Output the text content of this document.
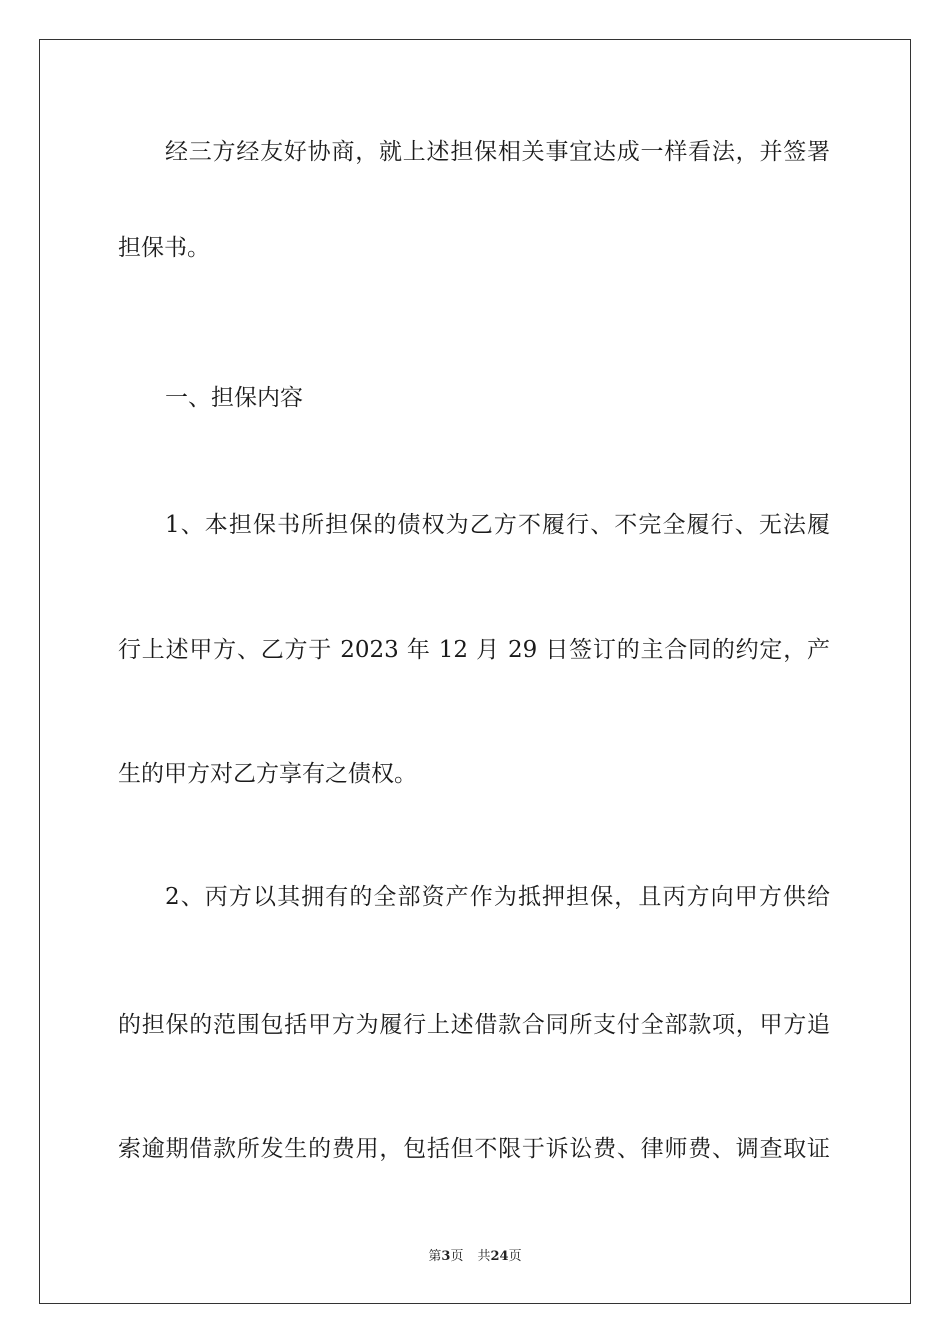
经三方经友好协商，就上述担保相关事宜达成一样看法，并签署
担保书。
一、担保内容
1、本担保书所担保的债权为乙方不履行、不完全履行、无法履
行上述甲方、乙方于 2023 年 12 月 29 日签订的主合同的约定，产
生的甲方对乙方享有之债权。
2、丙方以其拥有的全部资产作为抵押担保，且丙方向甲方供给
的担保的范围包括甲方为履行上述借款合同所支付全部款项，甲方追
索逾期借款所发生的费用，包括但不限于诉讼费、律师费、调查取证
第3页 共24页
